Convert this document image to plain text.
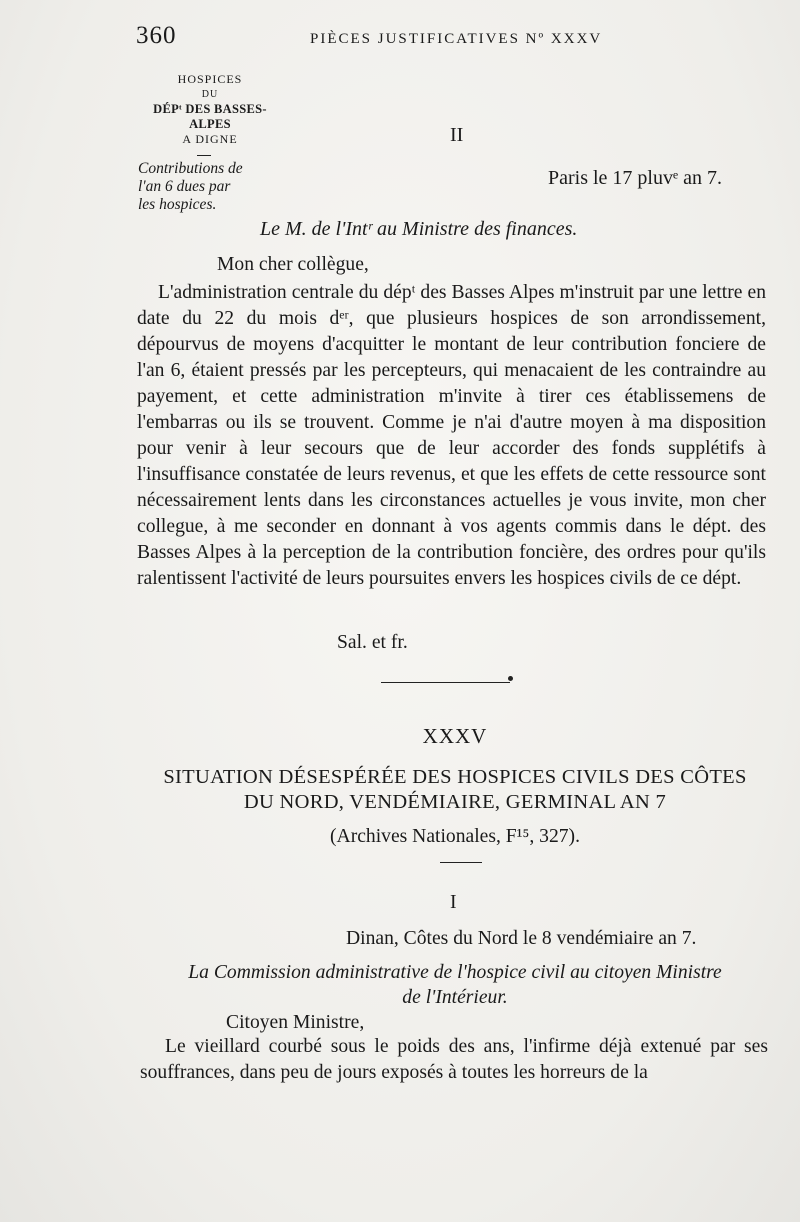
360	PIÈCES JUSTIFICATIVES Nº XXXV
HOSPICES
DU
DÉPᵗ DES BASSES-ALPES
A DIGNE
Contributions de
l'an 6 dues par
les hospices.
II
Paris le 17 pluvᵉ an 7.
Le M. de l'Intʳ au Ministre des finances.
Mon cher collègue,

L'administration centrale du dépᵗ des Basses Alpes m'instruit par une lettre en date du 22 du mois dᵉʳ, que plusieurs hospices de son arrondissement, dépourvus de moyens d'acquitter le montant de leur contribution fonciere de l'an 6, étaient pressés par les percepteurs, qui menacaient de les contraindre au payement, et cette administration m'invite à tirer ces établissemens de l'embarras ou ils se trouvent. Comme je n'ai d'autre moyen à ma disposition pour venir à leur secours que de leur accorder des fonds supplétifs à l'insuffisance constatée de leurs revenus, et que les effets de cette ressource sont nécessairement lents dans les circonstances actuelles je vous invite, mon cher collegue, à me seconder en donnant à vos agents commis dans le dépt. des Basses Alpes à la perception de la contribution foncière, des ordres pour qu'ils ralentissent l'activité de leurs poursuites envers les hospices civils de ce dépt.

Sal. et fr.
XXXV
SITUATION DÉSESPÉRÉE DES HOSPICES CIVILS DES CÔTES
DU NORD, VENDÉMIAIRE, GERMINAL AN 7
(Archives Nationales, F¹⁵, 327).
I
Dinan, Côtes du Nord le 8 vendémiaire an 7.
La Commission administrative de l'hospice civil au citoyen Ministre
de l'Intérieur.
Citoyen Ministre,

Le vieillard courbé sous le poids des ans, l'infirme déjà extenué par ses souffrances, dans peu de jours exposés à toutes les horreurs de la
